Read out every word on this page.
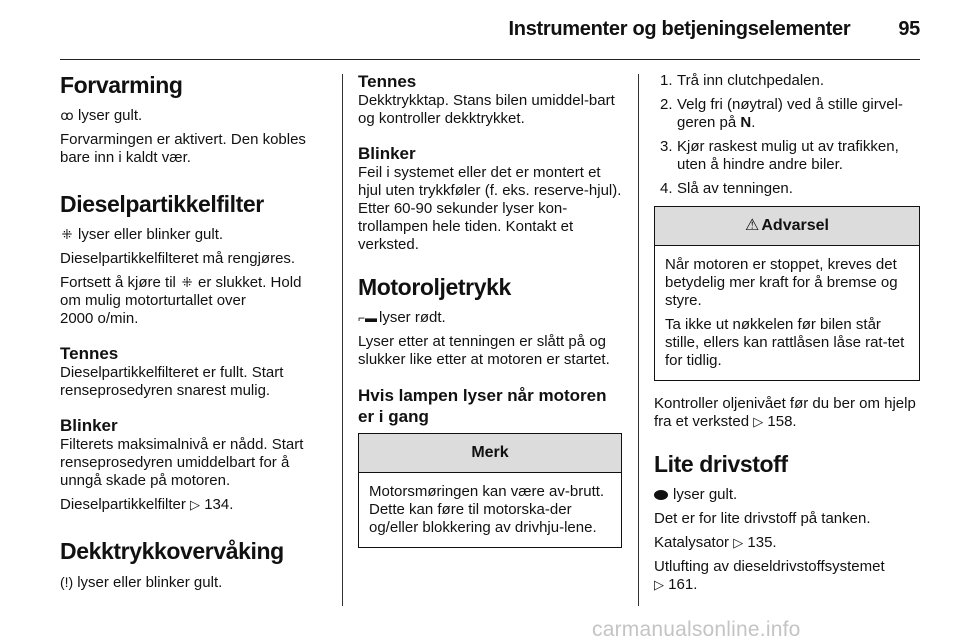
Instrumenter og betjeningselementer 95
Forvarming

ꝏ lyser gult.

Forvarmingen er aktivert. Den kobles bare inn i kaldt vær.

Dieselpartikkelfilter

⁜ lyser eller blinker gult.

Dieselpartikkelfilteret må rengjøres.

Fortsett å kjøre til ⁜ er slukket. Hold om mulig motorturtallet over
2000 o/min.

Tennes

Dieselpartikkelfilteret er fullt. Start renseprosedyren snarest mulig.

Blinker

Filterets maksimalnivå er nådd. Start renseprosedyren umiddelbart for å unngå skade på motoren.

Dieselpartikkelfilter ▷ 134.

Dekktrykkovervåking

(!) lyser eller blinker gult.

Tennes

Dekktrykktap. Stans bilen umiddel-bart og kontroller dekktrykket.

Blinker

Feil i systemet eller det er montert et hjul uten trykkføler (f. eks. reserve-hjul). Etter 60-90 sekunder lyser kon-trollampen hele tiden. Kontakt et verksted.

Motoroljetrykk

⌐▬ lyser rødt.

Lyser etter at tenningen er slått på og slukker like etter at motoren er startet.

Hvis lampen lyser når motoren er i gang
Merk

Motorsmøringen kan være av-brutt. Dette kan føre til motorska-der og/eller blokkering av drivhju-lene.

1. Trå inn clutchpedalen.
2. Velg fri (nøytral) ved å stille girvel-geren på N.
3. Kjør raskest mulig ut av trafikken, uten å hindre andre biler.
4. Slå av tenningen.
⚠ Advarsel

Når motoren er stoppet, kreves det betydelig mer kraft for å bremse og styre.

Ta ikke ut nøkkelen før bilen står stille, ellers kan rattlåsen låse rat-tet for tidlig.

Kontroller oljenivået før du ber om hjelp fra et verksted ▷ 158.

Lite drivstoff

lyser gult.

Det er for lite drivstoff på tanken.

Katalysator ▷ 135.

Utlufting av dieseldrivstoffsystemet
▷ 161.

carmanualsonline.info
